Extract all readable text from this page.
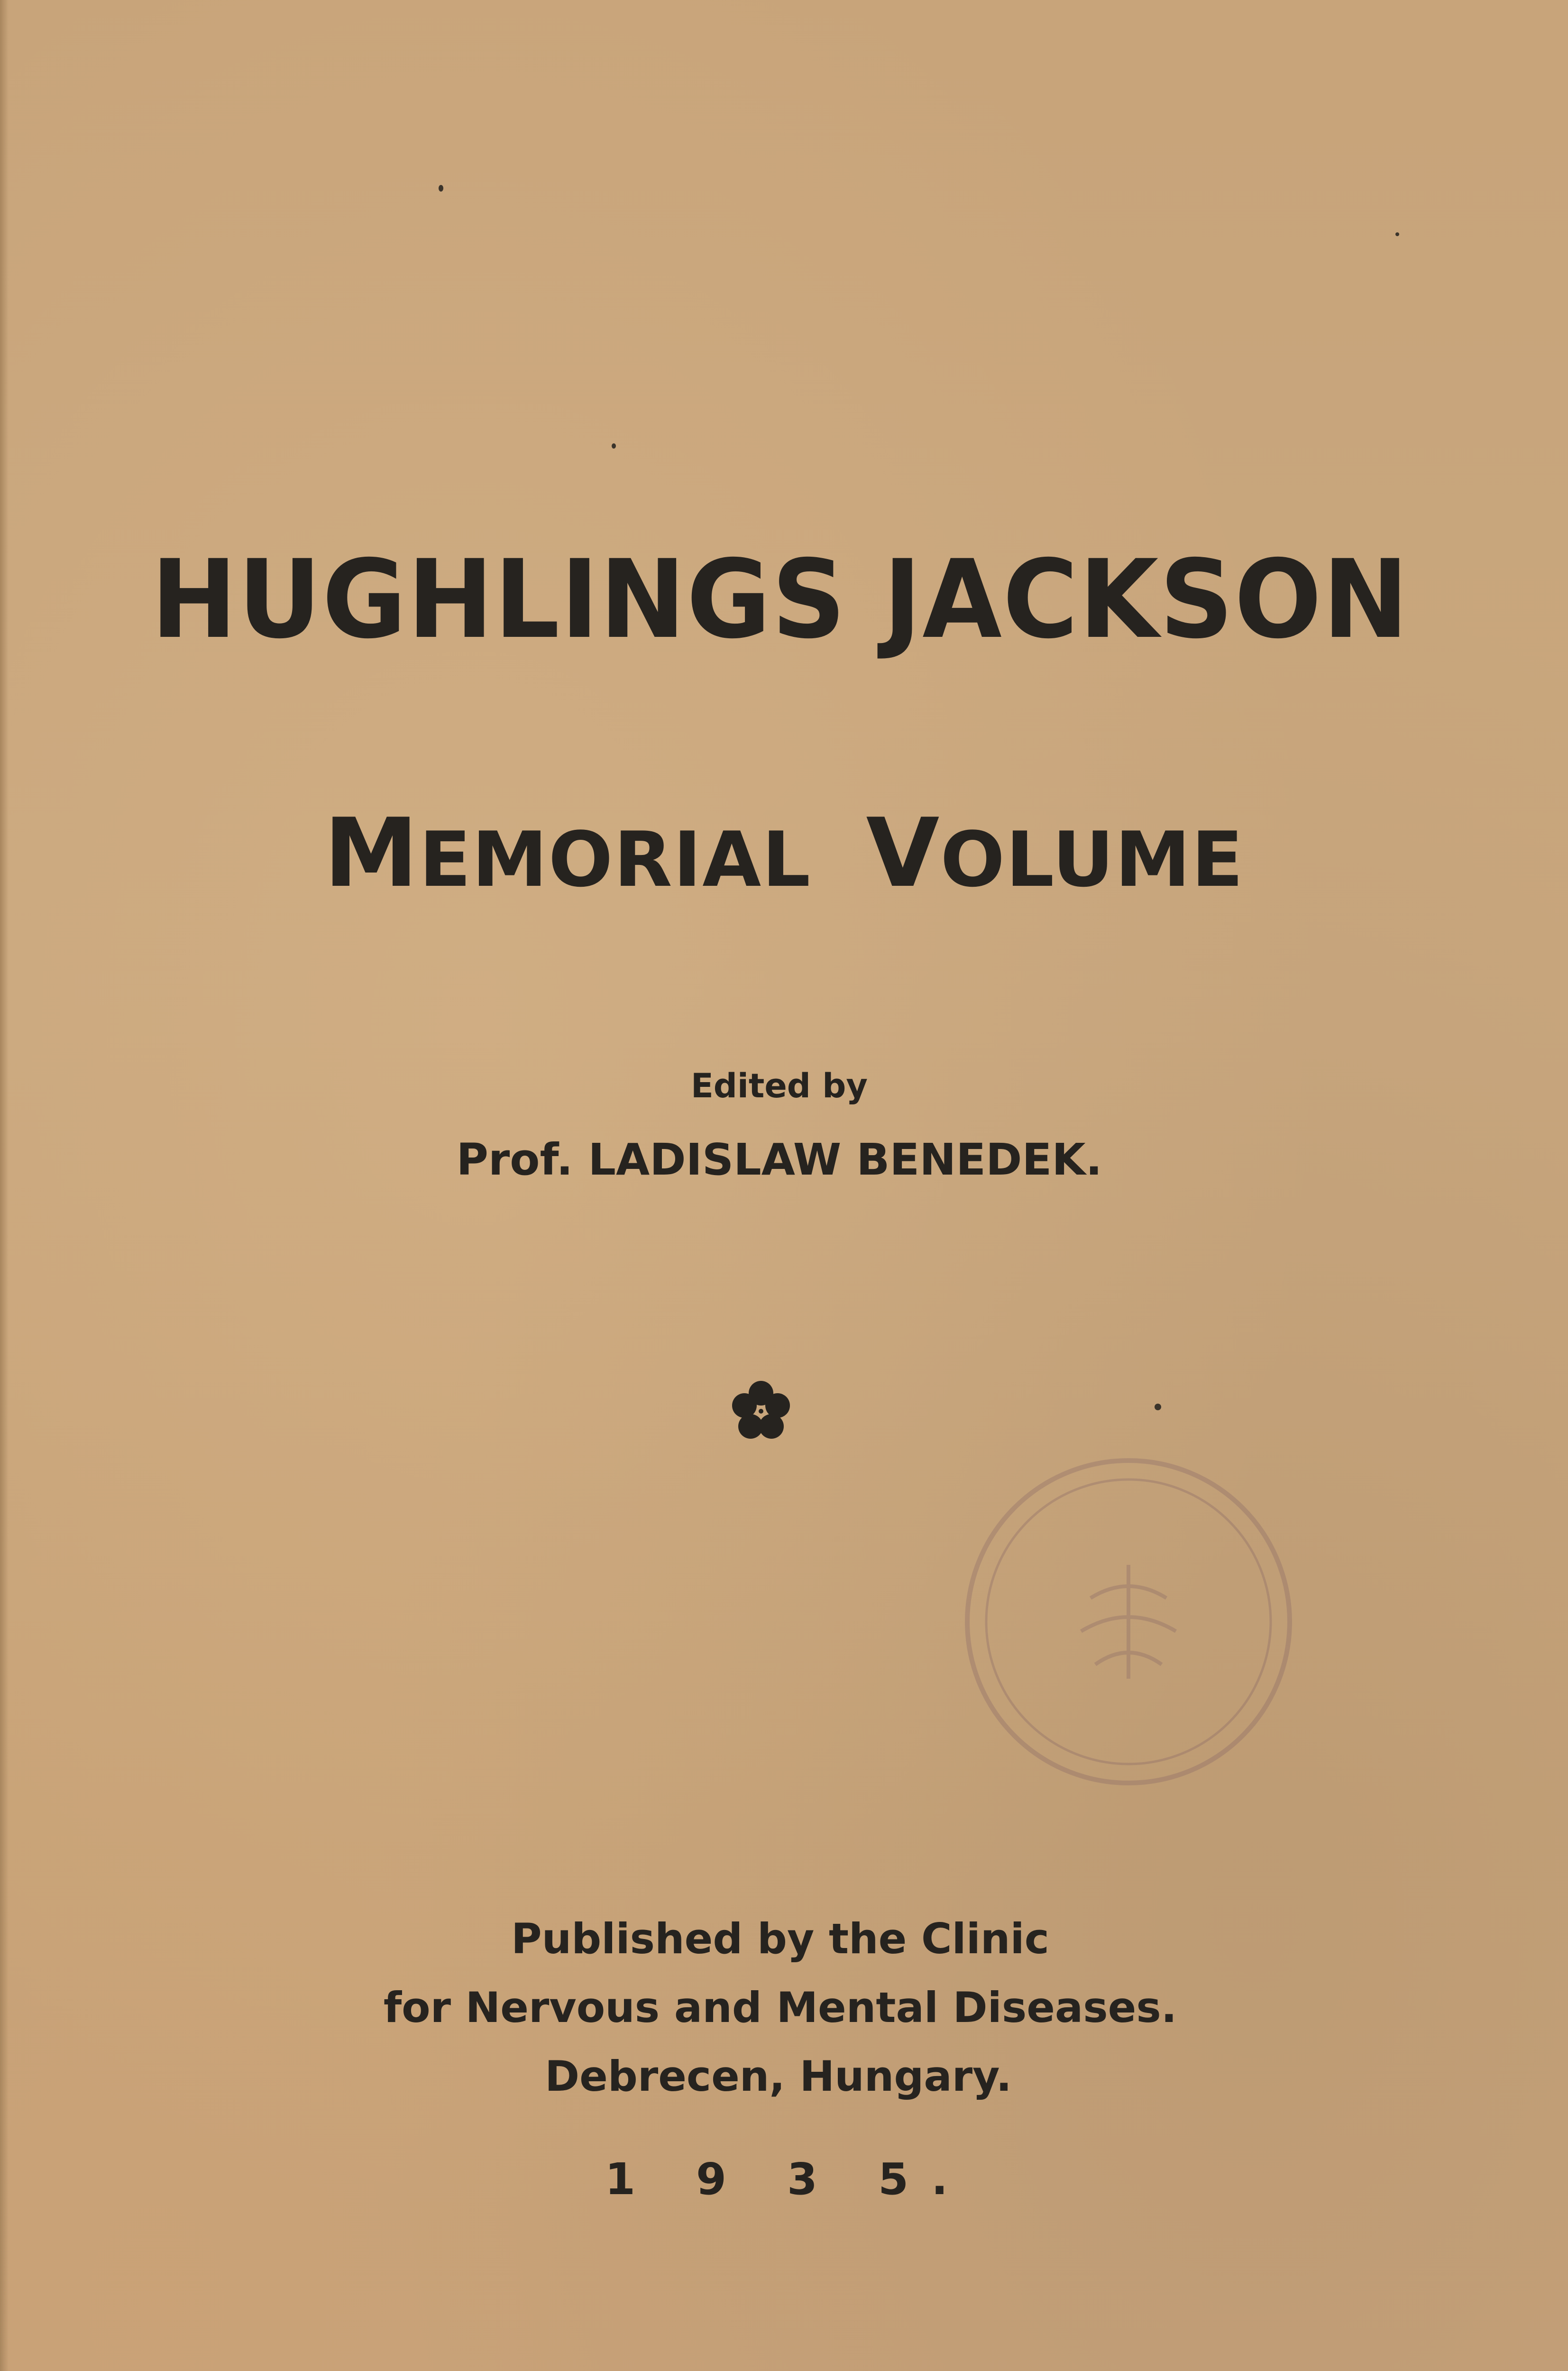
HUGHLINGS JACKSON
MEMORIAL VOLUME
Edited by
Prof. LADISLAW BENEDEK.
Published by the Clinic
for Nervous and Mental Diseases.
Debrecen, Hungary.
1 9 3 5.
